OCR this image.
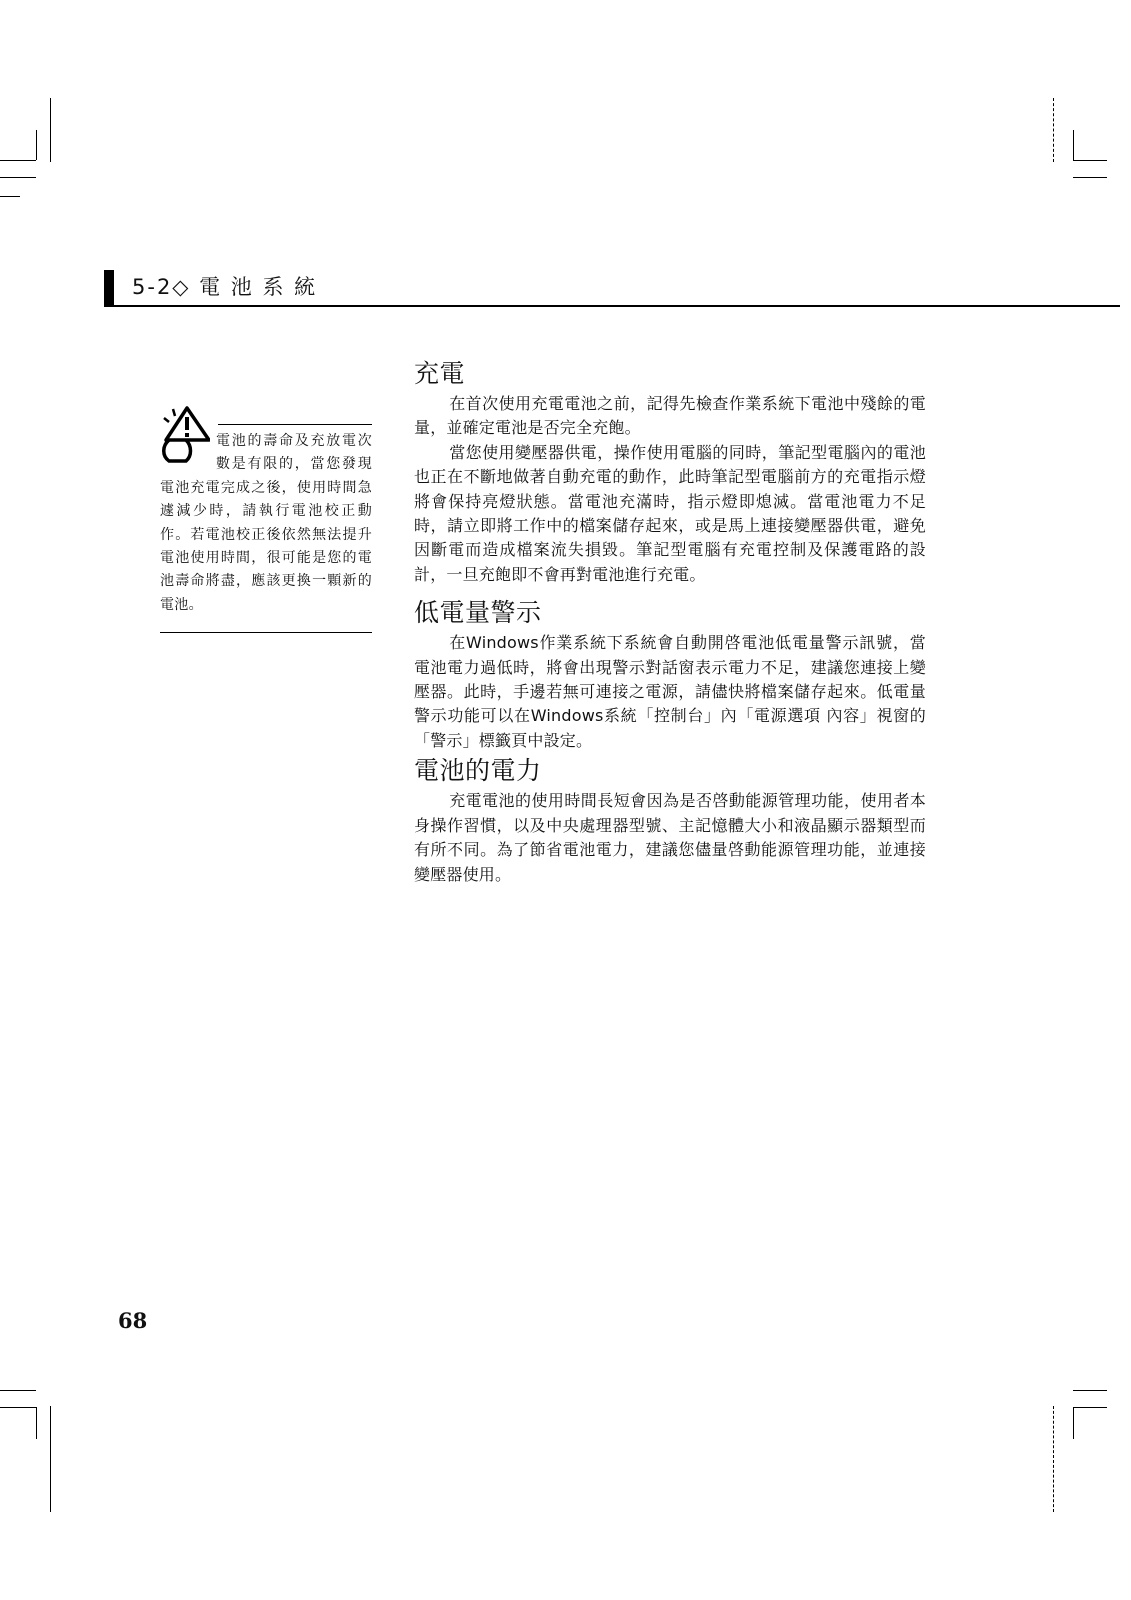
5-2◇ 電 池 系 統
電池的壽命及充放電次數是有限的，當您發現電池充電完成之後，使用時間急遽減少時，請執行電池校正動作。若電池校正後依然無法提升電池使用時間，很可能是您的電池壽命將盡，應該更換一顆新的電池。
充電

在首次使用充電電池之前，記得先檢查作業系統下電池中殘餘的電量，並確定電池是否完全充飽。

當您使用變壓器供電，操作使用電腦的同時，筆記型電腦內的電池也正在不斷地做著自動充電的動作，此時筆記型電腦前方的充電指示燈將會保持亮燈狀態。當電池充滿時，指示燈即熄滅。當電池電力不足時，請立即將工作中的檔案儲存起來，或是馬上連接變壓器供電，避免因斷電而造成檔案流失損毀。筆記型電腦有充電控制及保護電路的設計，一旦充飽即不會再對電池進行充電。

低電量警示

在Windows作業系統下系統會自動開啓電池低電量警示訊號，當電池電力過低時，將會出現警示對話窗表示電力不足，建議您連接上變壓器。此時，手邊若無可連接之電源，請儘快將檔案儲存起來。低電量警示功能可以在Windows系統「控制台」內「電源選項 內容」視窗的「警示」標籤頁中設定。

電池的電力

充電電池的使用時間長短會因為是否啓動能源管理功能，使用者本身操作習慣，以及中央處理器型號、主記憶體大小和液晶顯示器類型而有所不同。為了節省電池電力，建議您儘量啓動能源管理功能，並連接變壓器使用。

68
